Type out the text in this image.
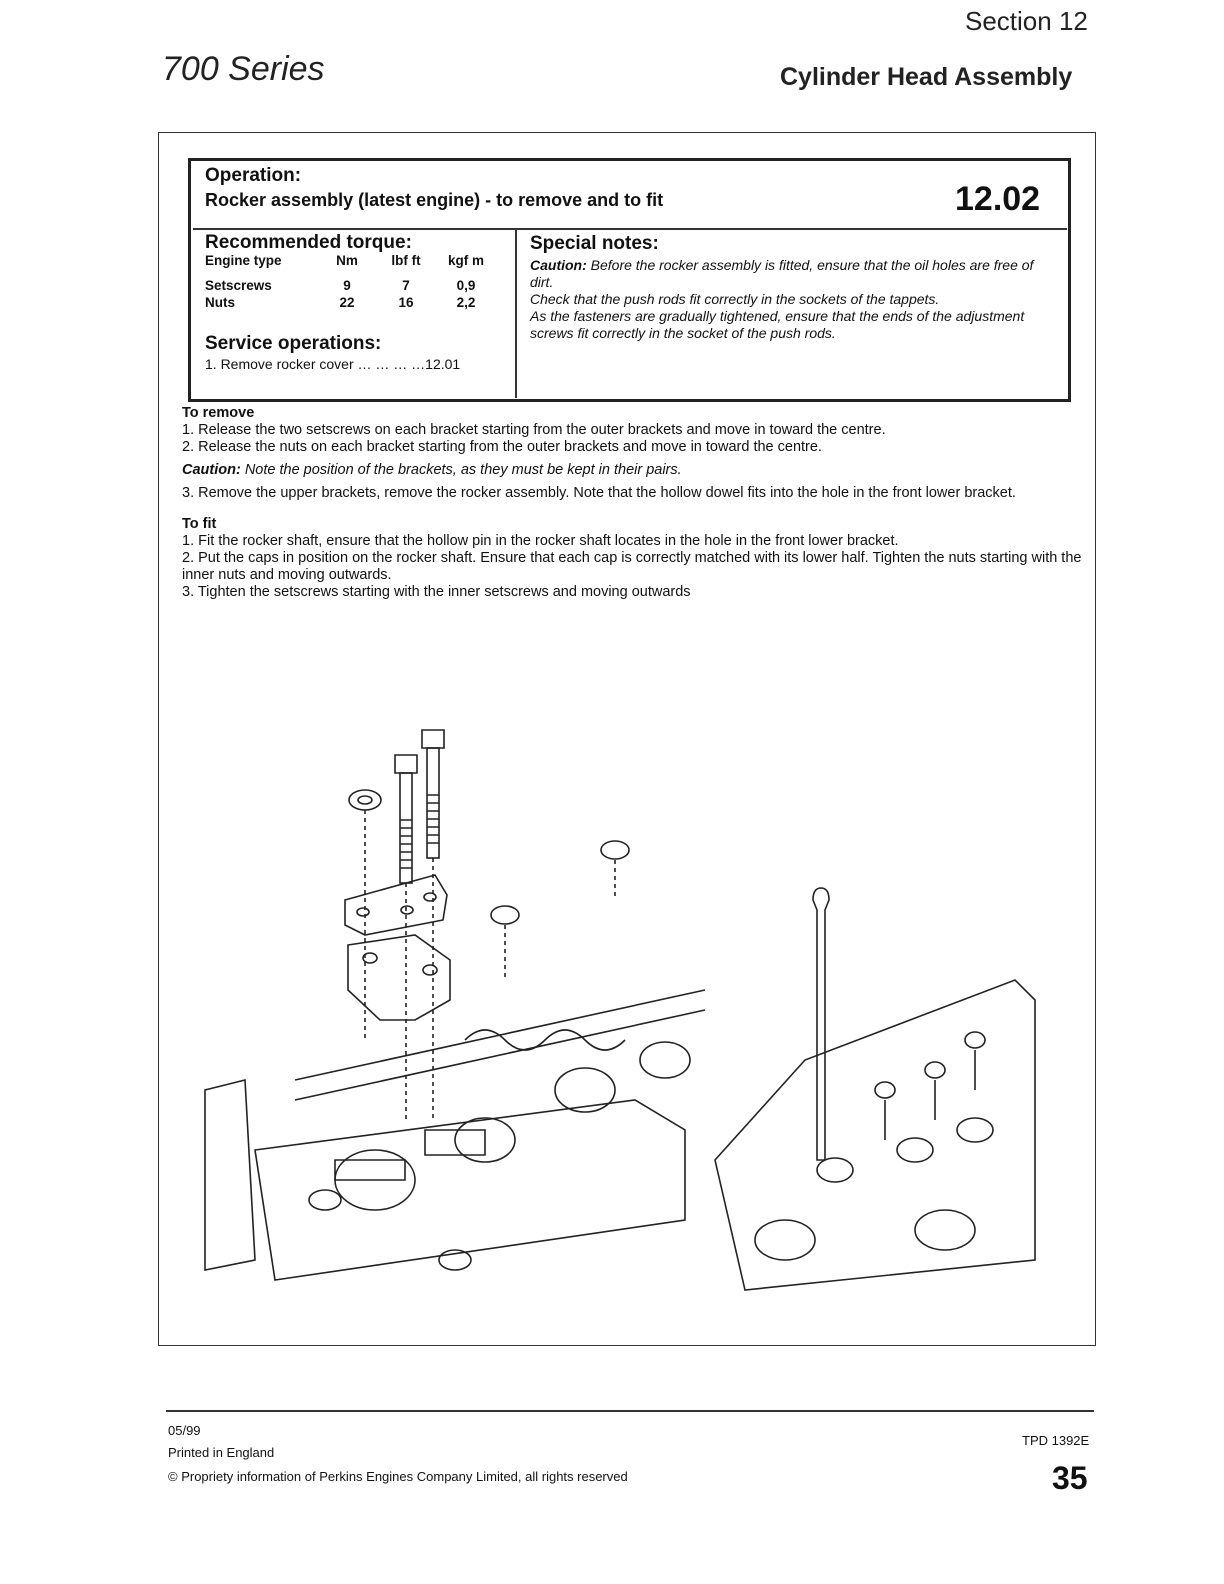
Section 12
700 Series	Cylinder Head Assembly
Operation:
Rocker assembly (latest engine) - to remove and to fit	12.02
Recommended torque:
Engine type	Nm	lbf ft	kgf m
Setscrews	9	7	0,9
Nuts	22	16	2,2
Service operations:
1. Remove rocker cover … … … …12.01
Special notes:
Caution: Before the rocker assembly is fitted, ensure that the oil holes are free of dirt.
Check that the push rods fit correctly in the sockets of the tappets.
As the fasteners are gradually tightened, ensure that the ends of the adjustment screws fit correctly in the socket of the push rods.

To remove

1. Release the two setscrews on each bracket starting from the outer brackets and move in toward the centre.

2. Release the nuts on each bracket starting from the outer brackets and move in toward the centre.

Caution: Note the position of the brackets, as they must be kept in their pairs.

3. Remove the upper brackets, remove the rocker assembly. Note that the hollow dowel fits into the hole in the front lower bracket.

To fit

1. Fit the rocker shaft, ensure that the hollow pin in the rocker shaft locates in the hole in the front lower bracket.

2. Put the caps in position on the rocker shaft. Ensure that each cap is correctly matched with its lower half. Tighten the nuts starting with the inner nuts and moving outwards.

3. Tighten the setscrews starting with the inner setscrews and moving outwards

05/99
Printed in England
© Propriety information of Perkins Engines Company Limited, all rights reserved
TPD 1392E
35
